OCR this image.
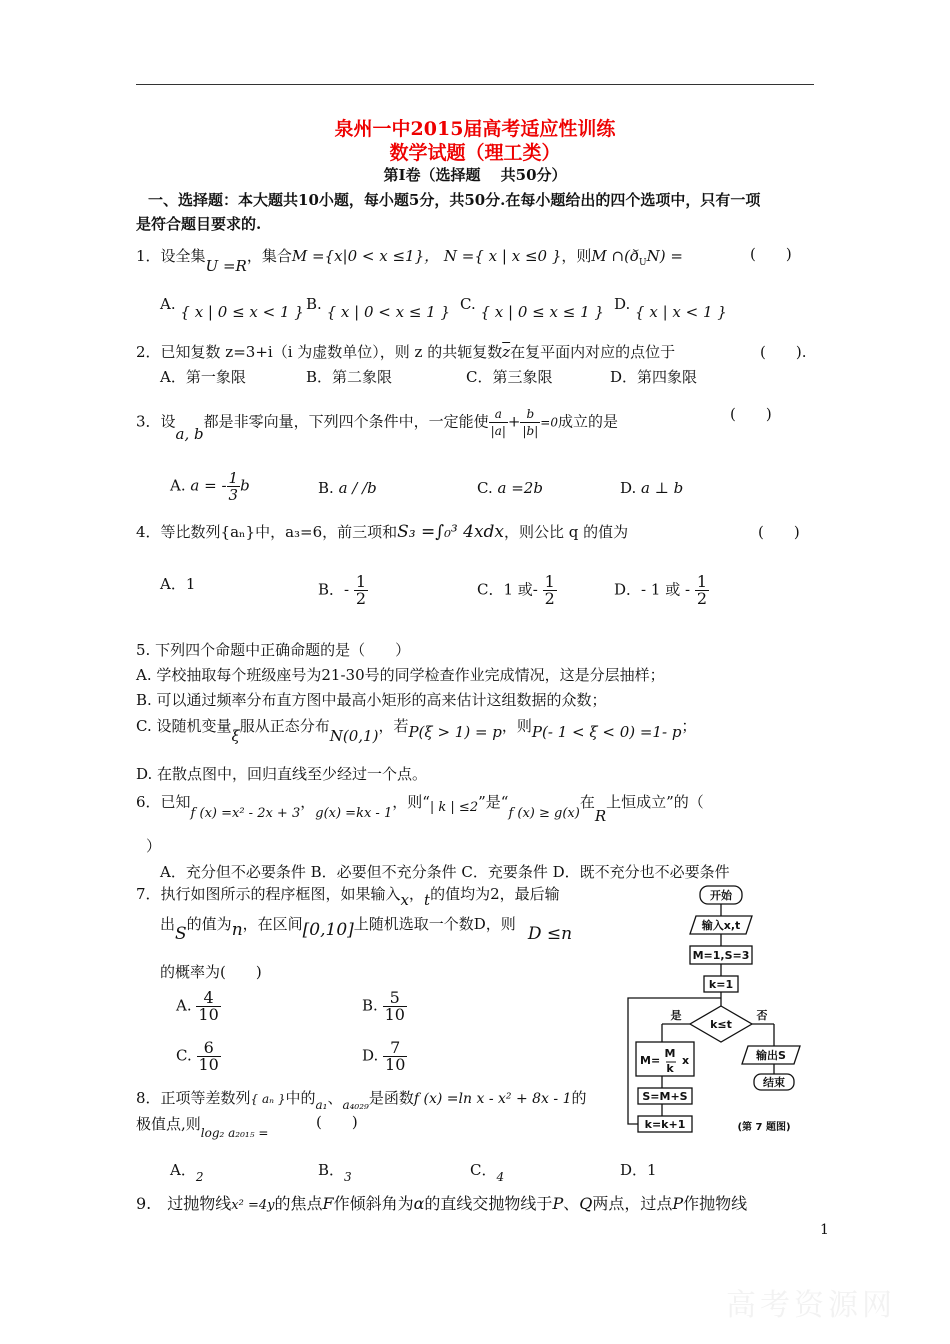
泉州一中2015届高考适应性训练
数学试题（理工类）
第Ⅰ卷（选择题　 共50分）
一、选择题：本大题共10小题，每小题5分，共50分.在每小题给出的四个选项中，只有一项
是符合题目要求的.
1．设全集U =R，集合M ={x|0 < x ≤1}， N ={ x | x ≤0 }，则M $\cap(ð_UN)$ =	(　　)
A. { x | 0 ≤ x < 1 } B. { x | 0 < x ≤ 1 } C. { x | 0 ≤ x ≤ 1 } D. { x | x < 1 }
2．已知复数 z=3+i（i 为虚数单位），则 z 的共轭复数$\overline{z}$在复平面内对应的点位于	(　　).
A．第一象限	B．第二象限	C．第三象限	D．第四象限
3．设a, b都是非零向量，下列四个条件中，一定能使 $\frac{a}{|a|} + \frac{b}{|b|} =0$成立的是	(　　)
A. a = - $\frac{1}{3}$ b	B. a / /b	C. a =2b	D. a ⊥ b
4．等比数列{aₙ}中，a₃=6，前三项和S₃ =∫₀³ 4xdx，则公比 q 的值为	(　　)
A．1	B．- $\frac{1}{2}$	C．1 或- $\frac{1}{2}$	D．- 1 或 - $\frac{1}{2}$
5. 下列四个命题中正确命题的是（　　）
A. 学校抽取每个班级座号为21-30号的同学检查作业完成情况，这是分层抽样；
B. 可以通过频率分布直方图中最高小矩形的高来估计这组数据的众数；
C. 设随机变量ξ服从正态分布N(0,1)，若P(ξ > 1) = p，则P(- 1 < ξ < 0) =1- p；
D. 在散点图中，回归直线至少经过一个点。
6．已知f (x) =x² - 2x + 3，g(x) =kx - 1，则“| k | ≤2”是“f (x) ≥ g(x)在R上恒成立”的（
）
A．充分但不必要条件 B．必要但不充分条件 C．充要条件 D．既不充分也不必要条件
7．执行如图所示的程序框图，如果输入x，t的值均为2，最后输
出S的值为n，在区间[0,10]上随机选取一个数D，则 D ≤n
的概率为(　　)
A. $\frac{4}{10}$	B. $\frac{5}{10}$
C. $\frac{6}{10}$	D. $\frac{7}{10}$
开始
输入x,t
M=1,S=3
k=1
k≤t
是	否
M=
M
k
x	输出S
结束
S=M+S
k=k+1	(第 7 题图)
8．正项等差数列{ aₙ }中的$_{a_1}$、$_{a_{4029}}$是函数f (x) =ln x - x² + 8x - 1的
极值点,则$_{log_2 a_{2015} =}$
(　　)
A．$_2$	B．$_3$	C．$_4$	D．1
9.　过抛物线x² =4y的焦点F作倾斜角为α的直线交抛物线于P、Q两点，过点P作抛物线
1
高考资源网
